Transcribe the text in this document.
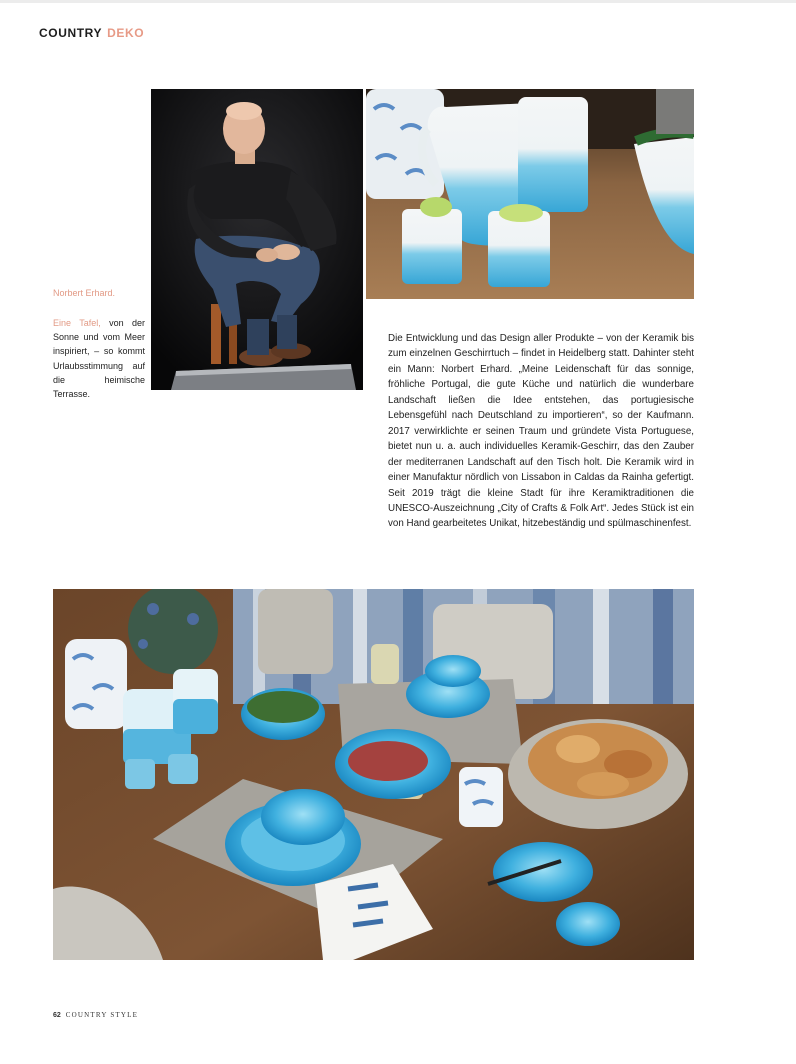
COUNTRY DEKO
Norbert Erhard.
Eine Tafel, von der Sonne und vom Meer inspiriert, – so kommt Urlaubsstimmung auf die heimische Terrasse.
Die Entwicklung und das Design aller Produkte – von der Keramik bis zum einzelnen Geschirrtuch – findet in Heidelberg statt. Dahinter steht ein Mann: Norbert Erhard. „Meine Leidenschaft für das sonnige, fröhliche Portugal, die gute Küche und natürlich die wunderbare Landschaft ließen die Idee entstehen, das portugiesische Lebensgefühl nach Deutschland zu importieren“, so der Kaufmann. 2017 verwirklichte er seinen Traum und gründete Vista Portuguese, bietet nun u. a. auch individuelles Keramik-Geschirr, das den Zauber der mediterranen Landschaft auf den Tisch holt. Die Keramik wird in einer Manufaktur nördlich von Lissabon in Caldas da Rainha gefertigt. Seit 2019 trägt die kleine Stadt für ihre Keramiktraditionen die UNESCO-Auszeichnung „City of Crafts & Folk Art“. Jedes Stück ist ein von Hand gearbeitetes Unikat, hitzebeständig und spülmaschinenfest.
62 COUNTRY STYLE
